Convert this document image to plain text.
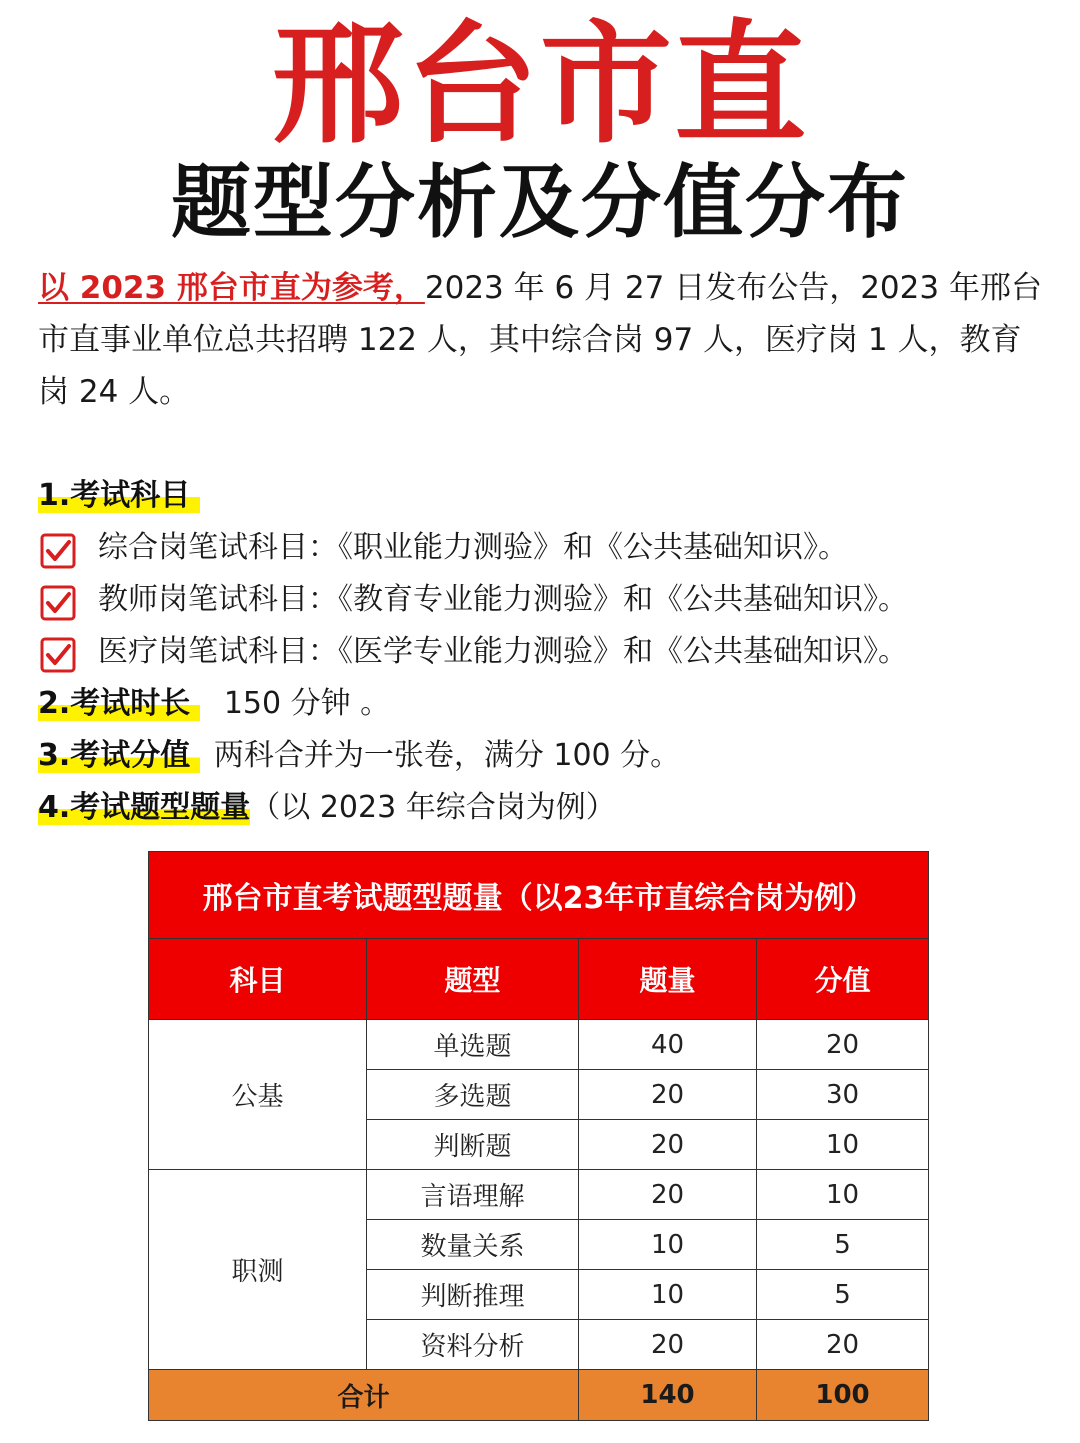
邢台市直
题型分析及分值分布
以 2023 邢台市直为参考，2023 年 6 月 27 日发布公告，2023 年邢台市直事业单位总共招聘 122 人，其中综合岗 97 人，医疗岗 1 人，教育岗 24 人。
1.考试科目
综合岗笔试科目：《职业能力测验》和《公共基础知识》。
教师岗笔试科目：《教育专业能力测验》和《公共基础知识》。
医疗岗笔试科目：《医学专业能力测验》和《公共基础知识》。
2.考试时长 150 分钟 。
3.考试分值 两科合并为一张卷，满分 100 分。
4.考试题型题量（以 2023 年综合岗为例）
邢台市直考试题型题量（以23年市直综合岗为例）			
科目	题型	题量	分值
公基	单选题	40	20
	多选题	20	30
	判断题	20	10
职测	言语理解	20	10
	数量关系	10	5
	判断推理	10	5
	资料分析	20	20
合计		140	100
